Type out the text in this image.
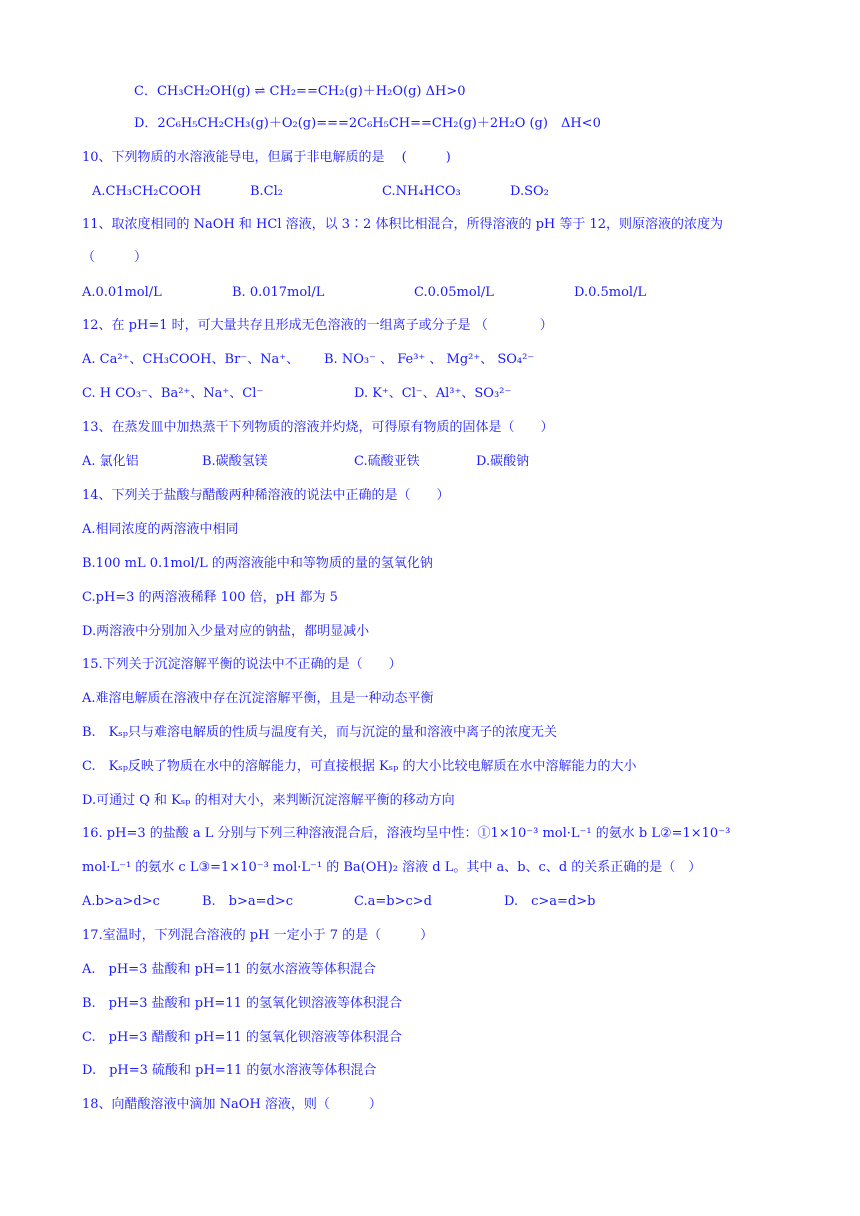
C．CH₃CH₂OH(g) ⇌ CH₂==CH₂(g)＋H₂O(g) ΔH>0
D．2C₆H₅CH₂CH₃(g)＋O₂(g)===2C₆H₅CH==CH₂(g)＋2H₂O (g)　ΔH<0
10、下列物质的水溶液能导电，但属于非电解质的是　 (　　　)
A.CH₃CH₂COOH	B.Cl₂	C.NH₄HCO₃	D.SO₂
11、取浓度相同的 NaOH 和 HCl 溶液，以 3∶2 体积比相混合，所得溶液的 pH 等于 12，则原溶液的浓度为
（　　　）
A.0.01mol/L	B. 0.017mol/L	C.0.05mol/L	D.0.5mol/L
12、在 pH=1 时，可大量共存且形成无色溶液的一组离子或分子是 （　　　　）
A. Ca²⁺、CH₃COOH、Br⁻、Na⁺、 B. NO₃⁻ 、 Fe³⁺ 、 Mg²⁺、 SO₄²⁻
C. H CO₃⁻、Ba²⁺、Na⁺、Cl⁻	D. K⁺、Cl⁻、Al³⁺、SO₃²⁻
13、在蒸发皿中加热蒸干下列物质的溶液并灼烧，可得原有物质的固体是（　　）
A. 氯化铝	B.碳酸氢镁	C.硫酸亚铁	D.碳酸钠
14、下列关于盐酸与醋酸两种稀溶液的说法中正确的是（　　）
A.相同浓度的两溶液中相同
B.100 mL 0.1mol/L 的两溶液能中和等物质的量的氢氧化钠
C.pH=3 的两溶液稀释 100 倍，pH 都为 5
D.两溶液中分别加入少量对应的钠盐，都明显减小
15.下列关于沉淀溶解平衡的说法中不正确的是（　　）
A.难溶电解质在溶液中存在沉淀溶解平衡，且是一种动态平衡
B.　Kₛₚ只与难溶电解质的性质与温度有关，而与沉淀的量和溶液中离子的浓度无关
C.　Kₛₚ反映了物质在水中的溶解能力，可直接根据 Kₛₚ 的大小比较电解质在水中溶解能力的大小
D.可通过 Q 和 Kₛₚ 的相对大小，来判断沉淀溶解平衡的移动方向
16. pH=3 的盐酸 a L 分别与下列三种溶液混合后，溶液均呈中性：①1×10⁻³ mol·L⁻¹ 的氨水 b L②=1×10⁻³
mol·L⁻¹ 的氨水 c L③=1×10⁻³ mol·L⁻¹ 的 Ba(OH)₂ 溶液 d L。其中 a、b、c、d 的关系正确的是（　）
A.b>a>d>c	B.　b>a=d>c	C.a=b>c>d	D.　c>a=d>b
17.室温时，下列混合溶液的 pH 一定小于 7 的是（　　　）
A.　pH=3 盐酸和 pH=11 的氨水溶液等体积混合
B.　pH=3 盐酸和 pH=11 的氢氧化钡溶液等体积混合
C.　pH=3 醋酸和 pH=11 的氢氧化钡溶液等体积混合
D.　pH=3 硫酸和 pH=11 的氨水溶液等体积混合
18、向醋酸溶液中滴加 NaOH 溶液，则（　　　）
